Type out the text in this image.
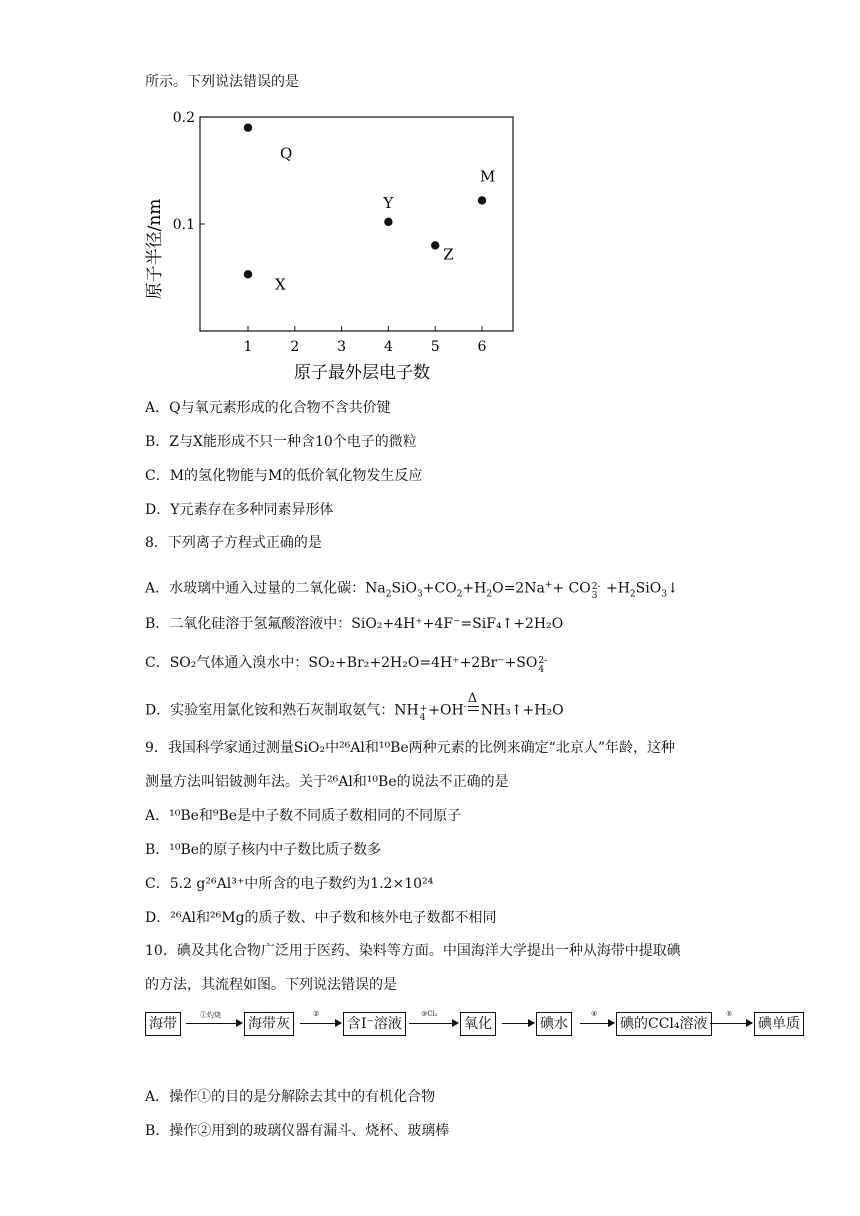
所示。下列说法错误的是
1	2	3	4	5	6
0.1
0.2
Q
X
Y
Z
M
原子最外层电子数
原子半径/nm
A．Q与氧元素形成的化合物不含共价键
B．Z与X能形成不只一种含10个电子的微粒
C．M的氢化物能与M的低价氧化物发生反应
D．Y元素存在多种同素异形体
8．下列离子方程式正确的是
A．水玻璃中通入过量的二氧化碳：$Na_2SiO_3+CO_2+H_2O=2Na^++$ CO 2-
$3 +H_2SiO_3↓$
B．二氧化硅溶于氢氟酸溶液中：SiO₂+4H⁺+4F⁻=SiF₄↑+2H₂O
C．SO₂气体通入溴水中：SO₂+Br₂+2H₂O=4H⁺+2Br⁻+SO 2-
4
D．实验室用氯化铵和熟石灰制取氨气：NH +
4 +OH-
Δ
NH₃↑+H₂O
9．我国科学家通过测量SiO₂中²⁶Al和¹⁰Be两种元素的比例来确定“北京人”年龄，这种
测量方法叫铝铍测年法。关于²⁶Al和¹⁰Be的说法不正确的是
A．¹⁰Be和⁹Be是中子数不同质子数相同的不同原子
B．¹⁰Be的原子核内中子数比质子数多
C．5.2 g²⁶Al³⁺中所含的电子数约为1.2×10²⁴
D．²⁶Al和²⁶Mg的质子数、中子数和核外电子数都不相同
10．碘及其化合物广泛用于医药、染料等方面。中国海洋大学提出一种从海带中提取碘
的方法，其流程如图。下列说法错误的是
海带
①灼烧
海带灰
②
含I⁻溶液
③Cl₂
氧化	碘水
④
碘的CCl₄溶液
⑤
碘单质
A．操作①的目的是分解除去其中的有机化合物
B．操作②用到的玻璃仪器有漏斗、烧杯、玻璃棒
